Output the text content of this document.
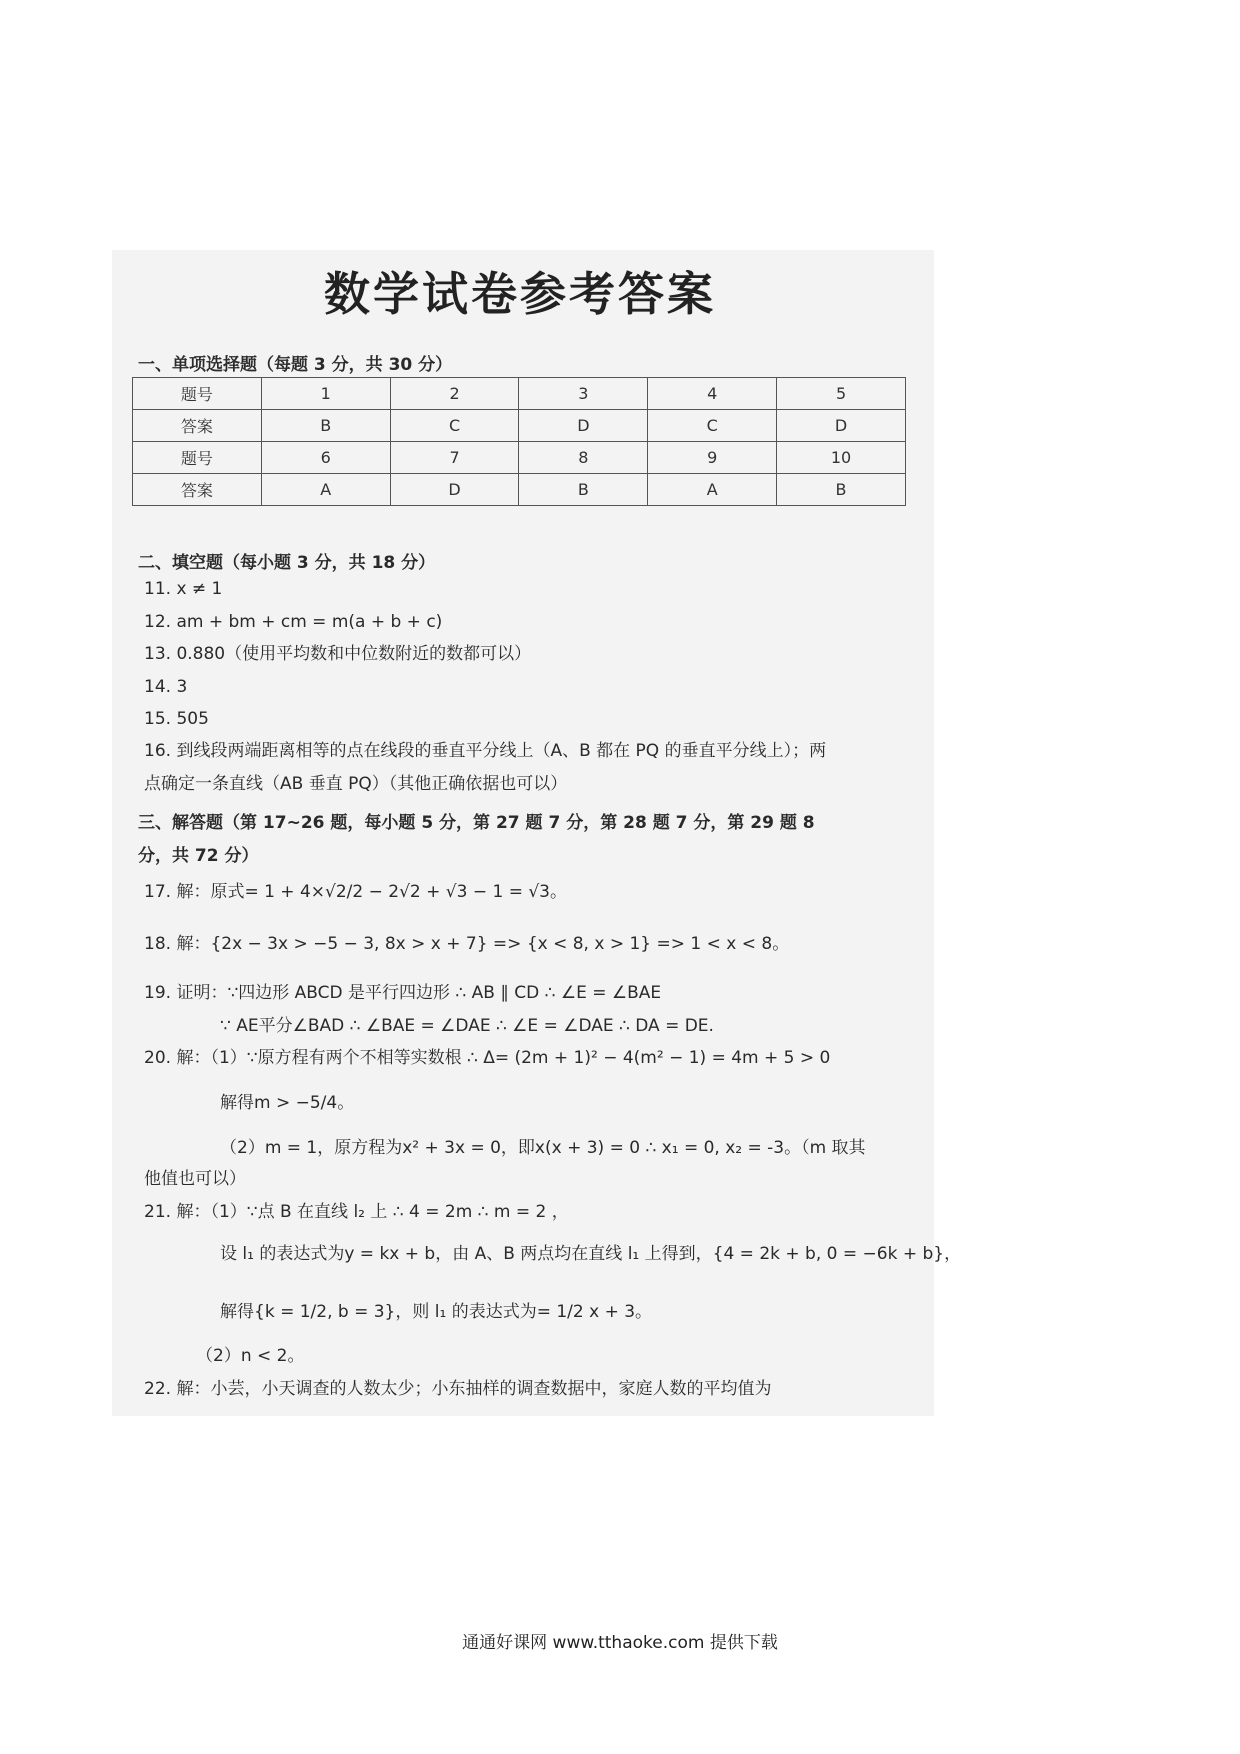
数学试卷参考答案
一、单项选择题（每题 3 分，共 30 分）
题号	1	2	3	4	5
答案	B	C	D	C	D
题号	6	7	8	9	10
答案	A	D	B	A	B
二、填空题（每小题 3 分，共 18 分）
11. x ≠ 1
12. am + bm + cm = m(a + b + c)
13. 0.880（使用平均数和中位数附近的数都可以）
14. 3
15. 505
16. 到线段两端距离相等的点在线段的垂直平分线上（A、B 都在 PQ 的垂直平分线上）；两
点确定一条直线（AB 垂直 PQ）（其他正确依据也可以）
三、解答题（第 17~26 题，每小题 5 分，第 27 题 7 分，第 28 题 7 分，第 29 题 8
分，共 72 分）
17. 解：原式= 1 + 4×√2/2 − 2√2 + √3 − 1 = √3。
18. 解：{2x − 3x > −5 − 3, 8x > x + 7} => {x < 8, x > 1} => 1 < x < 8。
19. 证明：∵四边形 ABCD 是平行四边形 ∴ AB ∥ CD ∴ ∠E = ∠BAE
∵ AE平分∠BAD ∴ ∠BAE = ∠DAE ∴ ∠E = ∠DAE ∴ DA = DE.
20. 解：（1）∵原方程有两个不相等实数根 ∴ Δ= (2m + 1)² − 4(m² − 1) = 4m + 5 > 0
解得m > −5/4。
（2）m = 1，原方程为x² + 3x = 0，即x(x + 3) = 0 ∴ x₁ = 0, x₂ = -3。（m 取其
他值也可以）
21. 解：（1）∵点 B 在直线 l₂ 上 ∴ 4 = 2m ∴ m = 2 ，
设 l₁ 的表达式为y = kx + b，由 A、B 两点均在直线 l₁ 上得到，{4 = 2k + b, 0 = −6k + b}，
解得{k = 1/2, b = 3}，则 l₁ 的表达式为= 1/2 x + 3。
（2）n < 2。
22. 解：小芸，小天调查的人数太少；小东抽样的调查数据中，家庭人数的平均值为
通通好课网 www.tthaoke.com 提供下载
